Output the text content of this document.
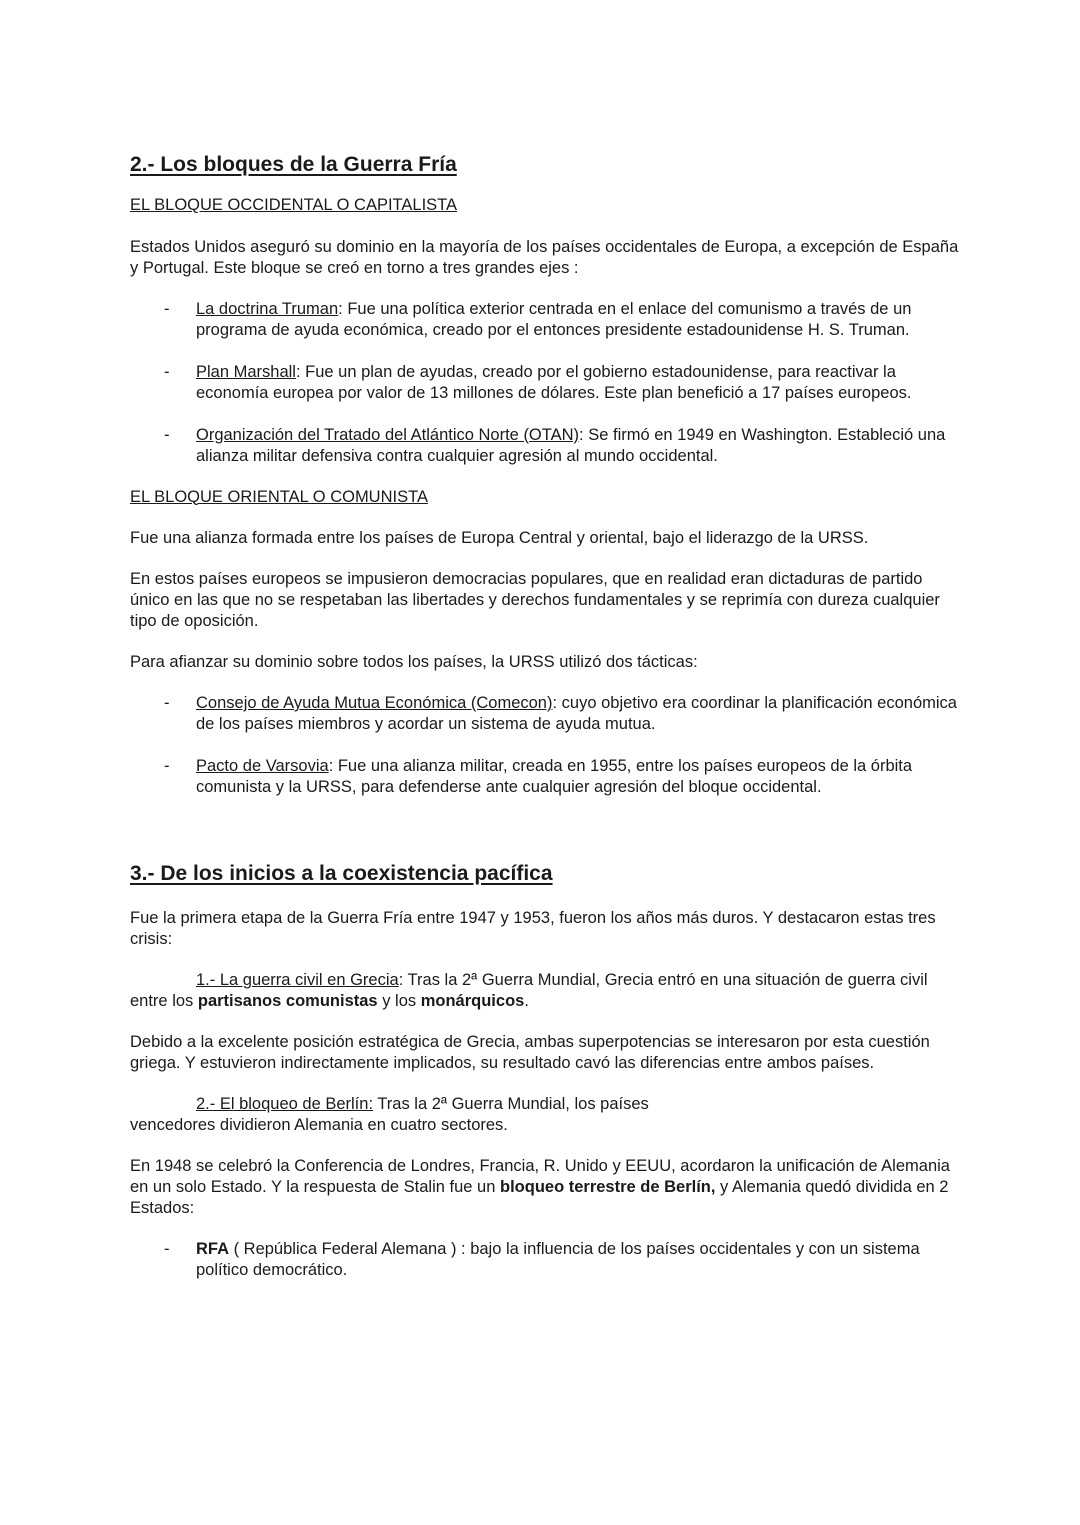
2.- Los bloques de la Guerra Fría
EL BLOQUE OCCIDENTAL O CAPITALISTA

Estados Unidos aseguró su dominio en la mayoría de los países occidentales de Europa, a excepción de España y Portugal. Este bloque se creó en torno a tres grandes ejes :

- La doctrina Truman: Fue una política exterior centrada en el enlace del comunismo a través de un programa de ayuda económica, creado por el entonces presidente estadounidense H. S. Truman.
- Plan Marshall: Fue un plan de ayudas, creado por el gobierno estadounidense, para reactivar la economía europea por valor de 13 millones de dólares. Este plan benefició a 17 países europeos.
- Organización del Tratado del Atlántico Norte (OTAN): Se firmó en 1949 en Washington. Estableció una alianza militar defensiva contra cualquier agresión al mundo occidental.
EL BLOQUE ORIENTAL O COMUNISTA

Fue una alianza formada entre los países de Europa Central y oriental, bajo el liderazgo de la URSS.

En estos países europeos se impusieron democracias populares, que en realidad eran dictaduras de partido único en las que no se respetaban las libertades y derechos fundamentales y se reprimía con dureza cualquier tipo de oposición.

Para afianzar su dominio sobre todos los países, la URSS utilizó dos tácticas:

- Consejo de Ayuda Mutua Económica (Comecon): cuyo objetivo era coordinar la planificación económica de los países miembros y acordar un sistema de ayuda mutua.
- Pacto de Varsovia: Fue una alianza militar, creada en 1955, entre los países europeos de la órbita comunista y la URSS, para defenderse ante cualquier agresión del bloque occidental.
3.- De los inicios a la coexistencia pacífica

Fue la primera etapa de la Guerra Fría entre 1947 y 1953, fueron los años más duros. Y destacaron estas tres crisis:

1.- La guerra civil en Grecia: Tras la 2ª Guerra Mundial, Grecia entró en una situación de guerra civil entre los partisanos comunistas y los monárquicos.

Debido a la excelente posición estratégica de Grecia, ambas superpotencias se interesaron por esta cuestión griega. Y estuvieron indirectamente implicados, su resultado cavó las diferencias entre ambos países.

2.- El bloqueo de Berlín: Tras la 2ª Guerra Mundial, los países
vencedores dividieron Alemania en cuatro sectores.

En 1948 se celebró la Conferencia de Londres, Francia, R. Unido y EEUU, acordaron la unificación de Alemania en un solo Estado. Y la respuesta de Stalin fue un bloqueo terrestre de Berlín, y Alemania quedó dividida en 2 Estados:

- RFA ( República Federal Alemana ) : bajo la influencia de los países occidentales y con un sistema político democrático.
